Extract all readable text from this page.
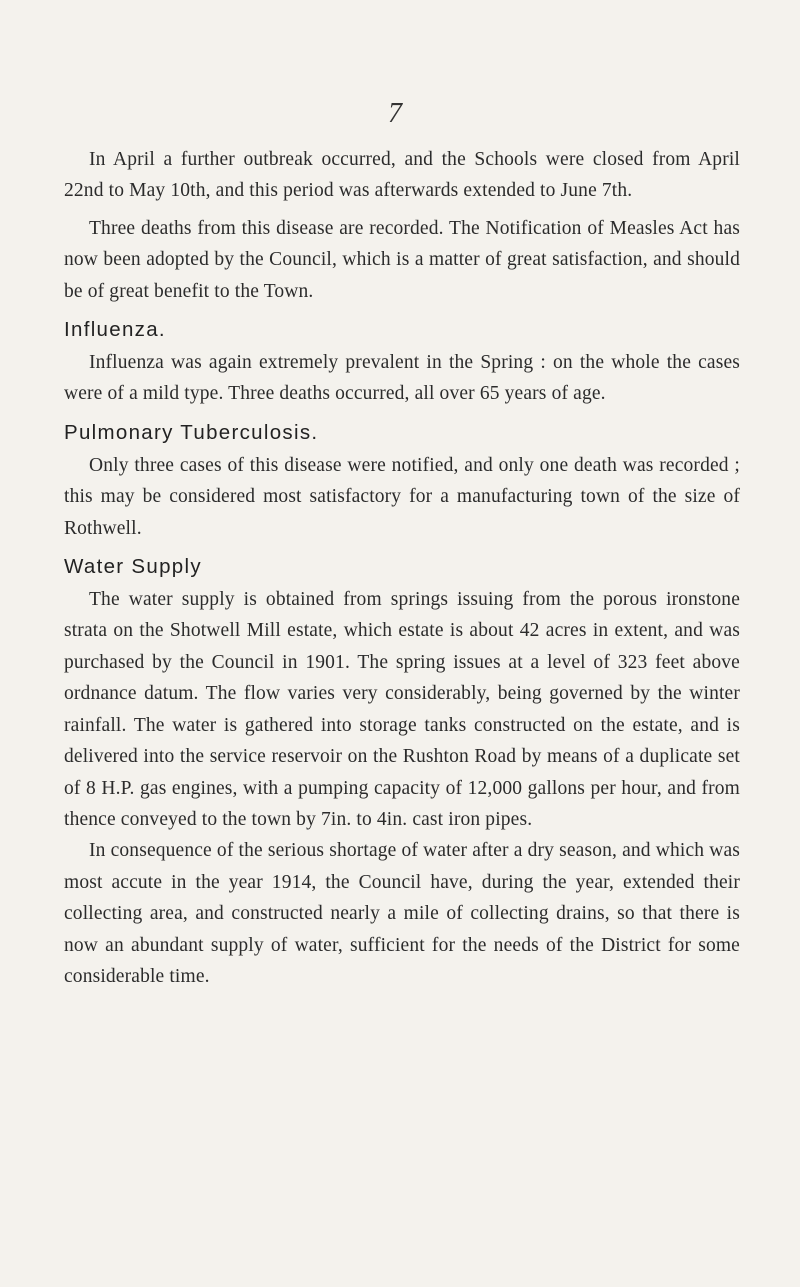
7

In April a further outbreak occurred, and the Schools were closed from April 22nd to May 10th, and this period was afterwards extended to June 7th.

Three deaths from this disease are recorded. The Notification of Measles Act has now been adopted by the Council, which is a matter of great satisfaction, and should be of great benefit to the Town.

Influenza.

Influenza was again extremely prevalent in the Spring : on the whole the cases were of a mild type. Three deaths occurred, all over 65 years of age.

Pulmonary Tuberculosis.

Only three cases of this disease were notified, and only one death was recorded ; this may be considered most satisfactory for a manufacturing town of the size of Rothwell.

Water Supply

The water supply is obtained from springs issuing from the porous ironstone strata on the Shotwell Mill estate, which estate is about 42 acres in extent, and was purchased by the Council in 1901. The spring issues at a level of 323 feet above ordnance datum. The flow varies very considerably, being governed by the winter rainfall. The water is gathered into storage tanks constructed on the estate, and is delivered into the service reservoir on the Rushton Road by means of a duplicate set of 8 H.P. gas engines, with a pumping capacity of 12,000 gallons per hour, and from thence conveyed to the town by 7in. to 4in. cast iron pipes.

In consequence of the serious shortage of water after a dry season, and which was most accute in the year 1914, the Council have, during the year, extended their collecting area, and constructed nearly a mile of collecting drains, so that there is now an abundant supply of water, sufficient for the needs of the District for some considerable time.
